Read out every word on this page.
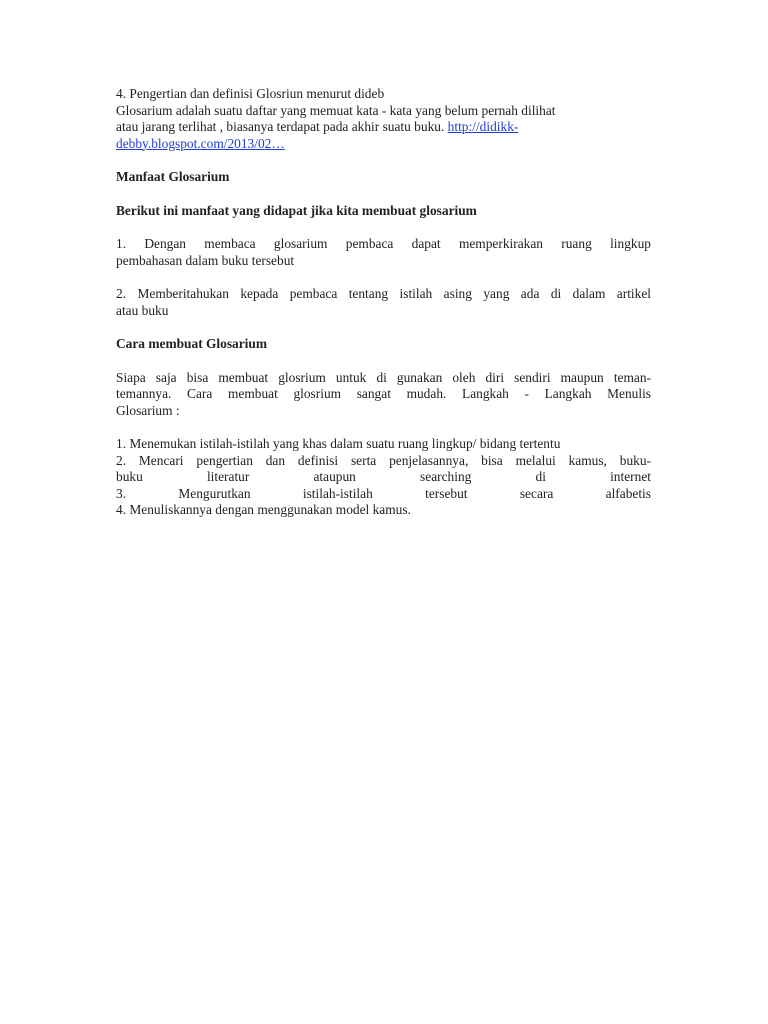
4. Pengertian dan definisi Glosriun menurut dideb

Glosarium adalah suatu daftar yang memuat kata - kata yang belum pernah dilihat

atau jarang terlihat , biasanya terdapat pada akhir suatu buku. http://didikk-

debby.blogspot.com/2013/02…

Manfaat Glosarium

Berikut ini manfaat yang didapat jika kita membuat glosarium

1. Dengan membaca glosarium pembaca dapat memperkirakan ruang lingkup

pembahasan dalam buku tersebut

2. Memberitahukan kepada pembaca tentang istilah asing yang ada di dalam artikel

atau buku

Cara membuat Glosarium

Siapa saja bisa membuat glosrium untuk di gunakan oleh diri sendiri maupun teman-

temannya. Cara membuat glosrium sangat mudah. Langkah - Langkah Menulis

Glosarium :

1. Menemukan istilah-istilah yang khas dalam suatu ruang lingkup/ bidang tertentu

2. Mencari pengertian dan definisi serta penjelasannya, bisa melalui kamus, buku-

buku literatur ataupun searching di internet

3. Mengurutkan istilah-istilah tersebut secara alfabetis

4. Menuliskannya dengan menggunakan model kamus.
